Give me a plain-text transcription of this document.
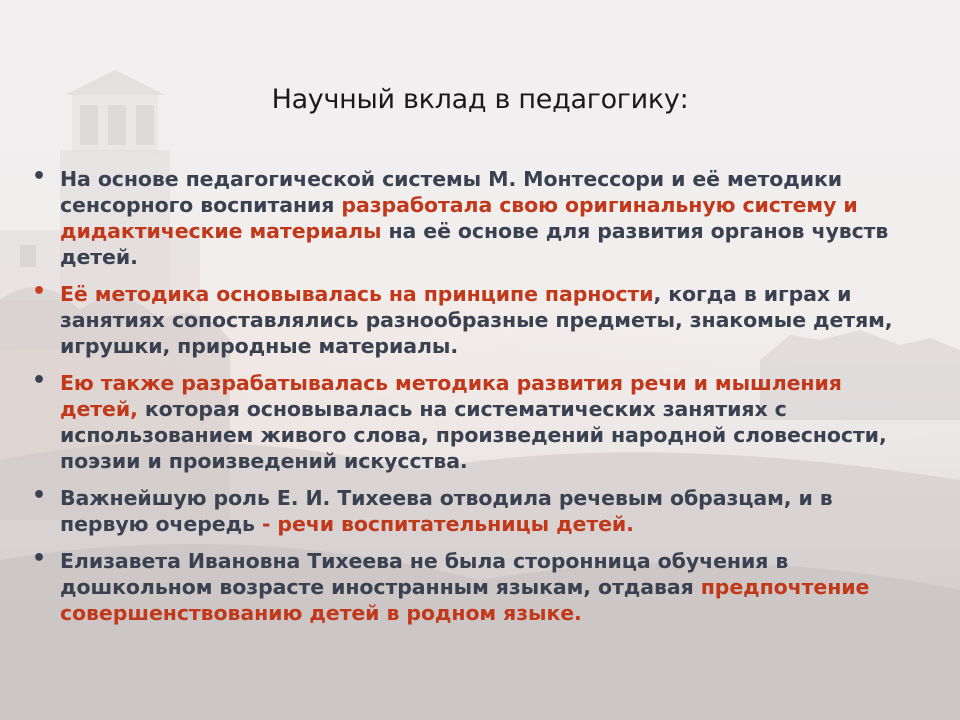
Научный вклад в педагогику:
• На основе педагогической системы М. Монтессори и её методики сенсорного воспитания разработала свою оригинальную систему и дидактические материалы на её основе для развития органов чувств детей.
• Её методика основывалась на принципе парности, когда в играх и занятиях сопоставлялись разнообразные предметы, знакомые детям, игрушки, природные материалы.
• Ею также разрабатывалась методика развития речи и мышления детей, которая основывалась на систематических занятиях с использованием живого слова, произведений народной словесности, поэзии и произведений искусства.
• Важнейшую роль Е. И. Тихеева отводила речевым образцам, и в первую очередь - речи воспитательницы детей.
• Елизавета Ивановна Тихеева не была сторонница обучения в дошкольном возрасте иностранным языкам, отдавая предпочтение совершенствованию детей в родном языке.
